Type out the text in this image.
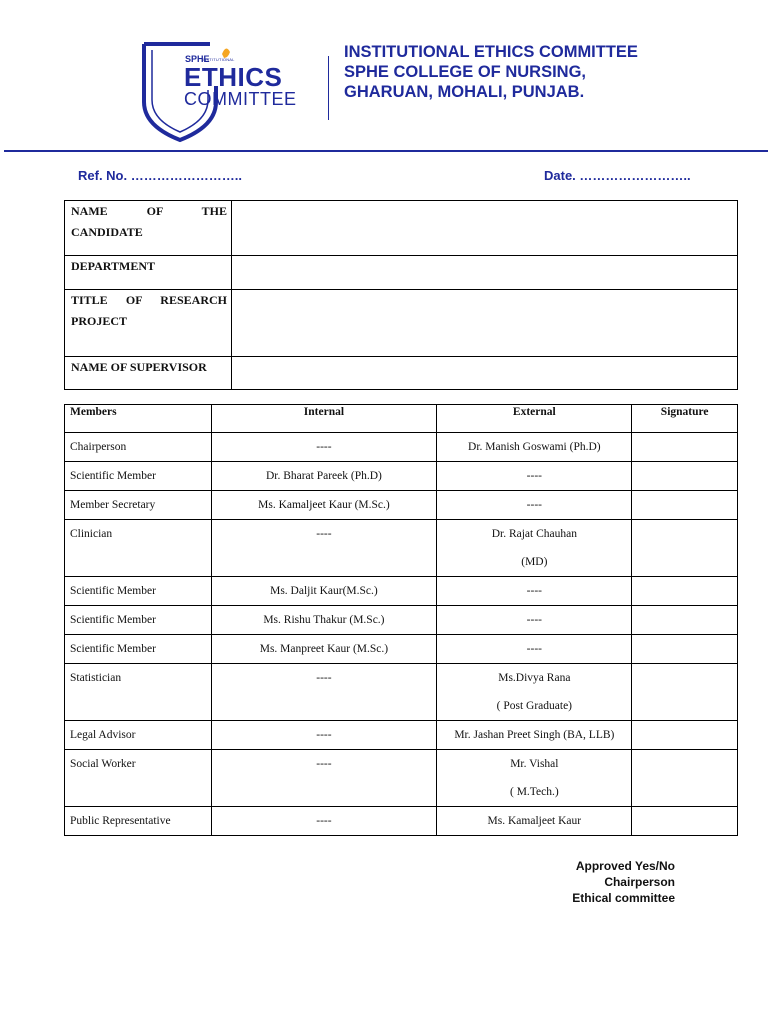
SPHE
INSTITUTIONAL
ETHICS
COMMITTEE
INSTITUTIONAL ETHICS COMMITTEE
SPHE COLLEGE OF NURSING,
GHARUAN, MOHALI, PUNJAB.
Ref. No. ……………………..	Date. ……………………..
NAME OF THE CANDIDATE	
DEPARTMENT	
TITLE OF RESEARCH PROJECT	
NAME OF SUPERVISOR	
Members	Internal	External	Signature
Chairperson	----	Dr. Manish Goswami (Ph.D)	

Scientific Member	Dr. Bharat Pareek (Ph.D)	----	

Member Secretary	Ms. Kamaljeet Kaur (M.Sc.)	----	

Clinician	----	Dr. Rajat Chauhan
(MD)	

Scientific Member	Ms. Daljit Kaur(M.Sc.)	----	

Scientific Member	Ms. Rishu Thakur (M.Sc.)	----	

Scientific Member	Ms. Manpreet Kaur (M.Sc.)	----	

Statistician	----	Ms.Divya Rana
( Post Graduate)	

Legal Advisor	----	Mr. Jashan Preet Singh (BA, LLB)	

Social Worker	----	Mr. Vishal
( M.Tech.)	

Public Representative	----	Ms. Kamaljeet Kaur	

Approved Yes/No
Chairperson
Ethical committee
